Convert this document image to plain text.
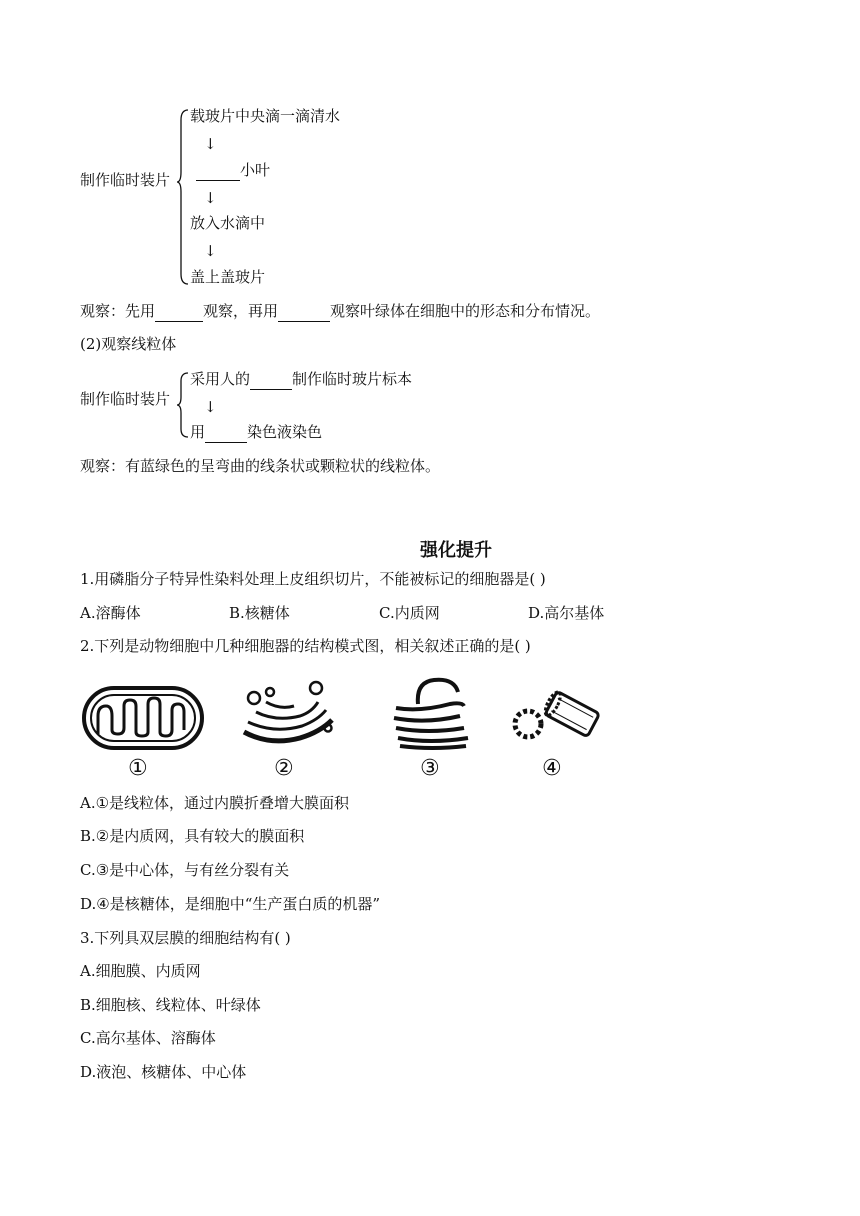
制作临时装片
载玻片中央滴一滴清水
↓
小叶
↓
放入水滴中
↓
盖上盖玻片
观察：先用	观察，再用	观察叶绿体在细胞中的形态和分布情况。
(2)观察线粒体
制作临时装片
采用人的	制作临时玻片标本
↓
用	染色液染色
观察：有蓝绿色的呈弯曲的线条状或颗粒状的线粒体。
强化提升
1.用磷脂分子特异性染料处理上皮组织切片，不能被标记的细胞器是( )
A.溶酶体	B.核糖体	C.内质网	D.高尔基体
2.下列是动物细胞中几种细胞器的结构模式图，相关叙述正确的是( )
①	②	③	④
A.①是线粒体，通过内膜折叠增大膜面积
B.②是内质网，具有较大的膜面积
C.③是中心体，与有丝分裂有关
D.④是核糖体，是细胞中“生产蛋白质的机器”
3.下列具双层膜的细胞结构有( )
A.细胞膜、内质网
B.细胞核、线粒体、叶绿体
C.高尔基体、溶酶体
D.液泡、核糖体、中心体
